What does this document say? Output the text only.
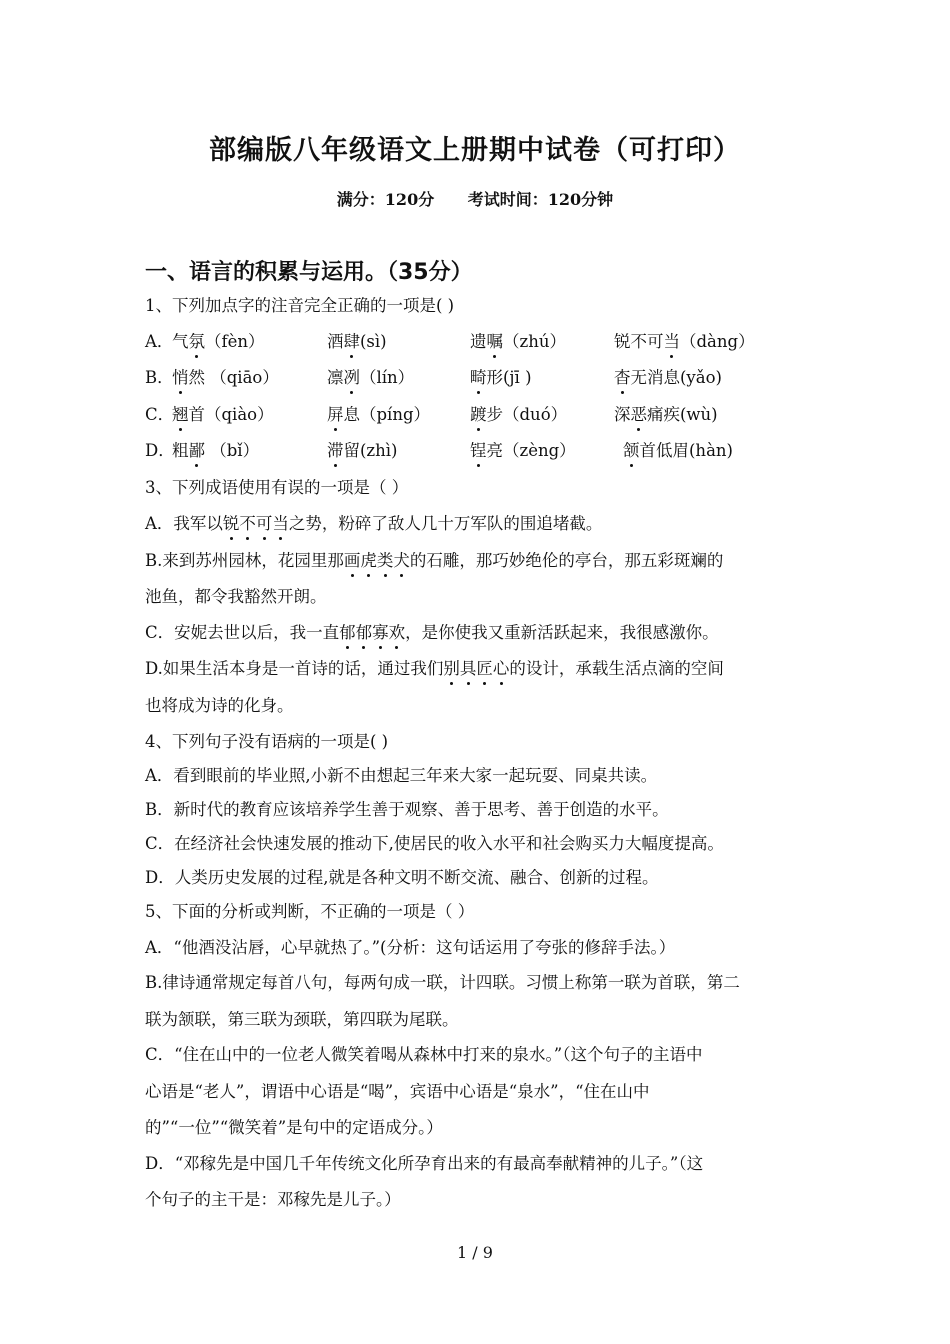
部编版八年级语文上册期中试卷（可打印）
满分：120分 考试时间：120分钟
一、语言的积累与运用。（35分）
1、下列加点字的注音完全正确的一项是( )
A．
气氛（fèn）	酒肆(sì)	遗嘱（zhú）	锐不可当（dàng）
B．
悄然 （qiāo）	凛冽（lín）	畸形(jī )	杳无消息(yǎo)
C．
翘首（qiào）	屏息（píng） 踱步（duó）	深恶痛疾(wù)
D．
粗鄙 （bǐ）	滞留(zhì)	锃亮（zèng）	颔首低眉(hàn)
3、下列成语使用有误的一项是（ ）
A．我军以锐不可当之势，粉碎了敌人几十万军队的围追堵截。
B.来到苏州园林，花园里那画虎类犬的石雕，那巧妙绝伦的亭台，那五彩斑斓的
池鱼，都令我豁然开朗。
C．安妮去世以后，我一直郁郁寡欢，是你使我又重新活跃起来，我很感激你。
D.如果生活本身是一首诗的话，通过我们别具匠心的设计，承载生活点滴的空间
也将成为诗的化身。
4、下列句子没有语病的一项是( )
A．看到眼前的毕业照,小新不由想起三年来大家一起玩耍、同桌共读。
B．新时代的教育应该培养学生善于观察、善于思考、善于创造的水平。
C．在经济社会快速发展的推动下,使居民的收入水平和社会购买力大幅度提高。
D．人类历史发展的过程,就是各种文明不断交流、融合、创新的过程。
5、下面的分析或判断，不正确的一项是（ ）
A．“他酒没沾唇，心早就热了。”(分析：这句话运用了夸张的修辞手法。）
B.律诗通常规定每首八句，每两句成一联，计四联。习惯上称第一联为首联，第二
联为颔联，第三联为颈联，第四联为尾联。
C．“住在山中的一位老人微笑着喝从森林中打来的泉水。”（这个句子的主语中
心语是“老人”，谓语中心语是“喝”，宾语中心语是“泉水”，“住在山中
的”“一位”“微笑着”是句中的定语成分。）
D．“邓稼先是中国几千年传统文化所孕育出来的有最高奉献精神的儿子。”（这
个句子的主干是：邓稼先是儿子。）
1 / 9
